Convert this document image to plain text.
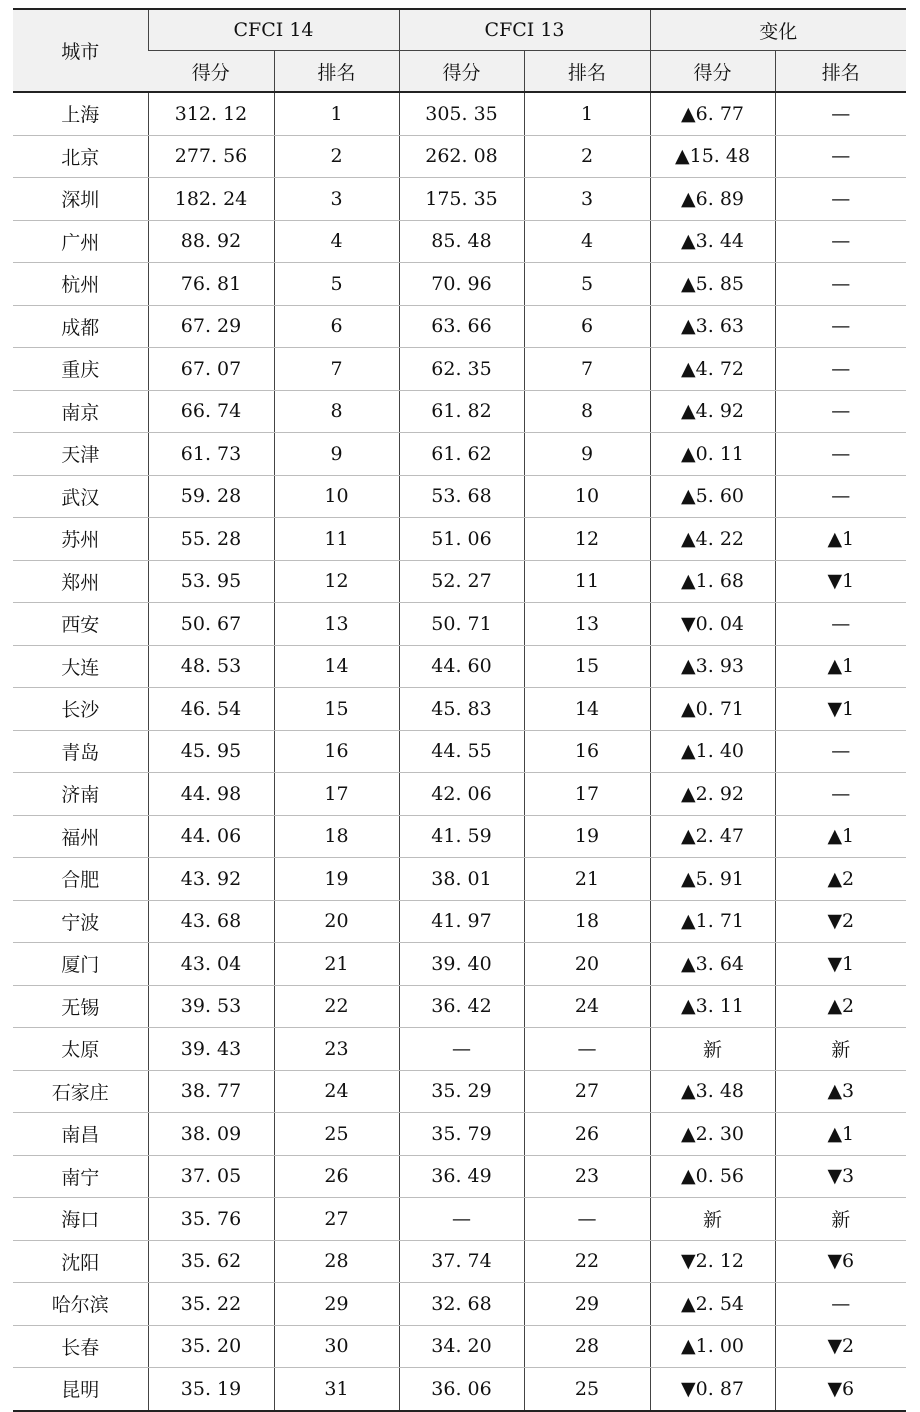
城市	CFCI 14		CFCI 13		变化	
	得分	排名	得分	排名	得分	排名
上海	312. 12	1	305. 35	1	▲6. 77	—
北京	277. 56	2	262. 08	2	▲15. 48	—
深圳	182. 24	3	175. 35	3	▲6. 89	—
广州	88. 92	4	85. 48	4	▲3. 44	—
杭州	76. 81	5	70. 96	5	▲5. 85	—
成都	67. 29	6	63. 66	6	▲3. 63	—
重庆	67. 07	7	62. 35	7	▲4. 72	—
南京	66. 74	8	61. 82	8	▲4. 92	—
天津	61. 73	9	61. 62	9	▲0. 11	—
武汉	59. 28	10	53. 68	10	▲5. 60	—
苏州	55. 28	11	51. 06	12	▲4. 22	▲1
郑州	53. 95	12	52. 27	11	▲1. 68	▼1
西安	50. 67	13	50. 71	13	▼0. 04	—
大连	48. 53	14	44. 60	15	▲3. 93	▲1
长沙	46. 54	15	45. 83	14	▲0. 71	▼1
青岛	45. 95	16	44. 55	16	▲1. 40	—
济南	44. 98	17	42. 06	17	▲2. 92	—
福州	44. 06	18	41. 59	19	▲2. 47	▲1
合肥	43. 92	19	38. 01	21	▲5. 91	▲2
宁波	43. 68	20	41. 97	18	▲1. 71	▼2
厦门	43. 04	21	39. 40	20	▲3. 64	▼1
无锡	39. 53	22	36. 42	24	▲3. 11	▲2
太原	39. 43	23	—	—	新	新
石家庄	38. 77	24	35. 29	27	▲3. 48	▲3
南昌	38. 09	25	35. 79	26	▲2. 30	▲1
南宁	37. 05	26	36. 49	23	▲0. 56	▼3
海口	35. 76	27	—	—	新	新
沈阳	35. 62	28	37. 74	22	▼2. 12	▼6
哈尔滨	35. 22	29	32. 68	29	▲2. 54	—
长春	35. 20	30	34. 20	28	▲1. 00	▼2
昆明	35. 19	31	36. 06	25	▼0. 87	▼6
